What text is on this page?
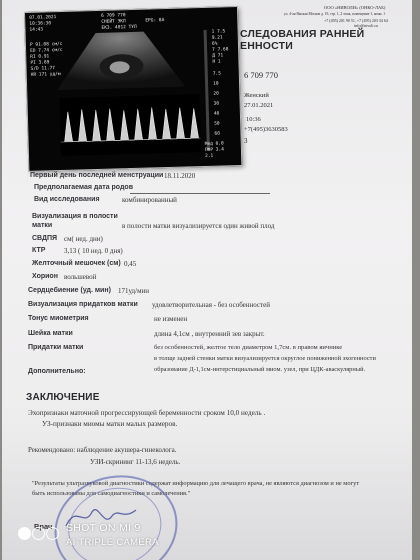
ООО «НИВОЛИ» (ОНКО-ЛАБ)
ул. 4-ая Ямская Москов д. 19, стр. 1, 2 этаж, помещение 1, комн. 1
+7 (495) 201 90 51, +7 (495) 203 34 64
info@nivoli.ru
СЛЕДОВАНИЯ РАННЕЙ
ЕННОСТИ
6 709 770
Женский
27.01.2021
10:36
+7(495)3630583
3
07.01.2021
10:36:30
14:43
6 709 770
СНЕЙТ ЭКЛ	EPG: 8A
ЕКЗ. 4012 ТУЛ
Р 91.08 см/с
ED 7.74 см/с
RI 0.91
PI 3.89
S/D 11.77
HR 171 уд/м
1 7.5
9.21
6%
7 7.68
Д 71
Н 1
7.5
10
20
30
40
50
60
Мед 0.0
ПФР 3.4
2.1
Первый день последней менструации 18.11.2020
Предполагаемая дата родов
Вид исследования	комбинированный
Визуализация в полости
матки	в полости матки визуализируется один живой плод
СВДПЯ см( нед. дни)
КТР	3,13 ( 10 нед. 0 дня)
Желточный мешочек (см) 0,45
Хорион вольшевой
Сердцебиение (уд. мин) 171уд/мин
Визуализация придатков матки удовлетворительная - без особенностей
Тонус миометрия	не изменен
Шейка матки	длина 4,1см , внутренний зев закрыт.
Придатки матки	без особенностей, желтое тело диаметром 1,7см. в правом яичнике
в толще задней стенки матки визуализируется округлое пониженной эхогенности
Дополнительно:	образование Д-1,1см-интерстициальный миом. узел, при ЦДК-аваскулярный.
ЗАКЛЮЧЕНИЕ
Эхопризнаки маточной прогрессирующей беременности сроком 10,0 недель .
УЗ-признаки миомы матки малых размеров.
Рекомендовано: наблюдение акушера-гинеколога.
УЗИ-скрининг 11-13,6 недель.
"Результаты ультразвуковой диагностики содержат информацию для лечащего врача, не являются диагнозом и не могут
быть использованы для самодиагностики и самолечения."
Врач SHOT ON MI 9
AI TRIPLE CAMERA
